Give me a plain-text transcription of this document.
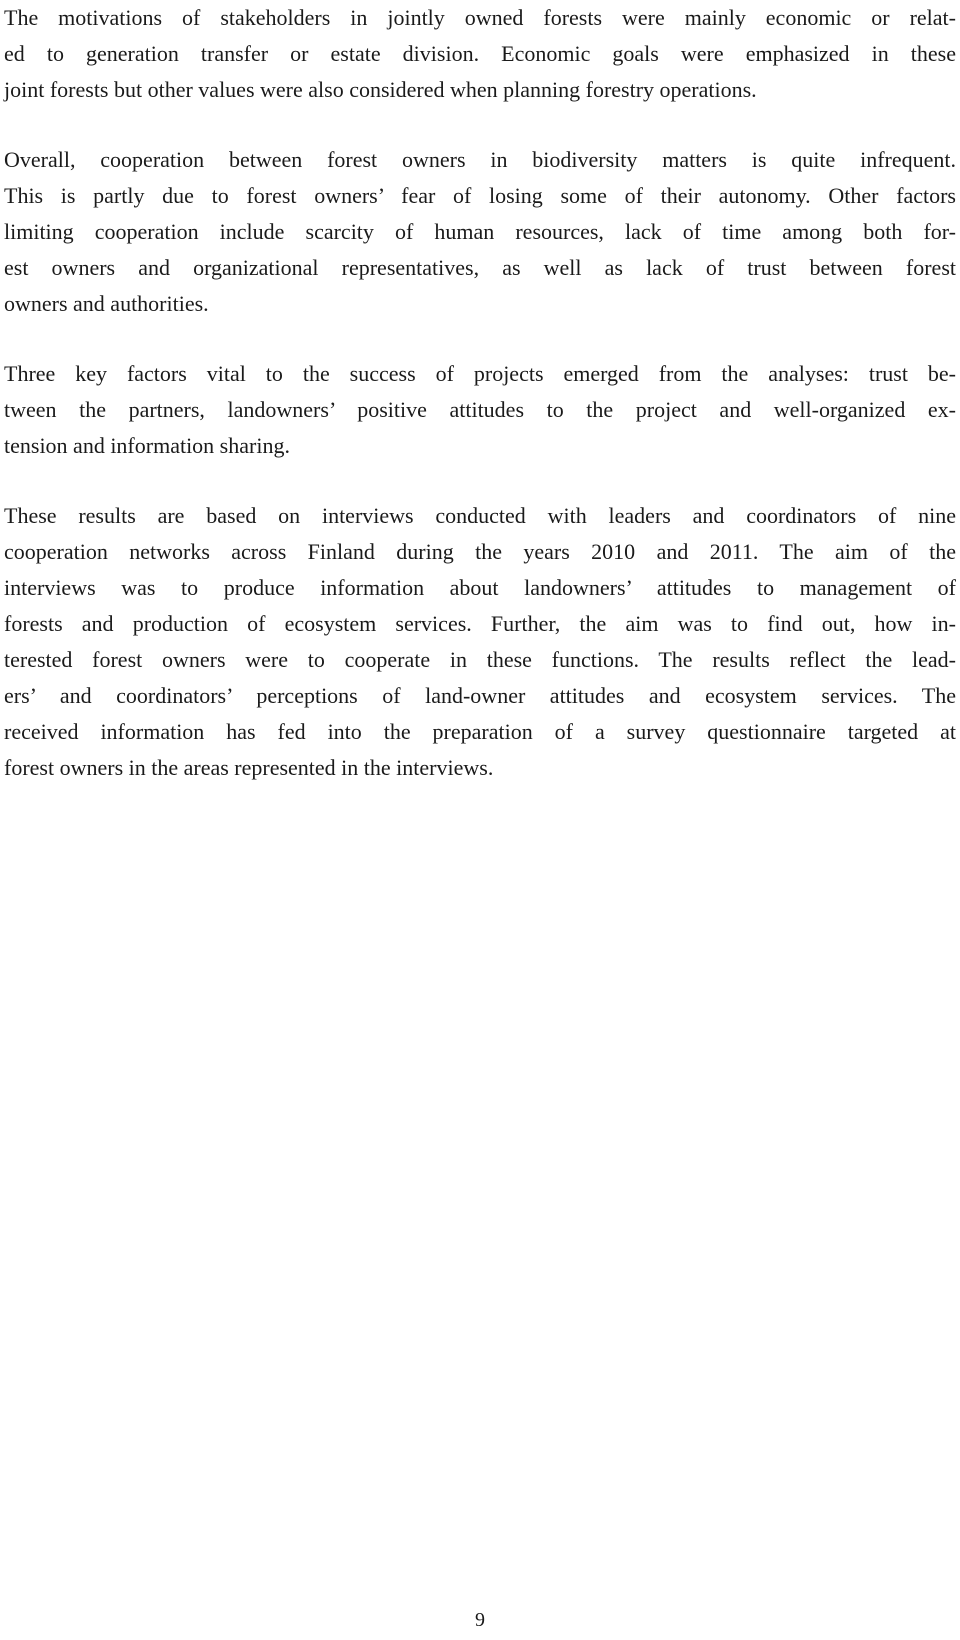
The motivations of stakeholders in jointly owned forests were mainly economic or relat-
ed to generation transfer or estate division. Economic goals were emphasized in these
joint forests but other values were also considered when planning forestry operations.

Overall, cooperation between forest owners in biodiversity matters is quite infrequent.
This is partly due to forest owners’ fear of losing some of their autonomy. Other factors
limiting cooperation include scarcity of human resources, lack of time among both for-
est owners and organizational representatives, as well as lack of trust between forest
owners and authorities.

Three key factors vital to the success of projects emerged from the analyses: trust be-
tween the partners, landowners’ positive attitudes to the project and well-organized ex-
tension and information sharing.

These results are based on interviews conducted with leaders and coordinators of nine
cooperation networks across Finland during the years 2010 and 2011. The aim of the
interviews was to produce information about landowners’ attitudes to management of
forests and production of ecosystem services. Further, the aim was to find out, how in-
terested forest owners were to cooperate in these functions. The results reflect the lead-
ers’ and coordinators’ perceptions of land-owner attitudes and ecosystem services. The
received information has fed into the preparation of a survey questionnaire targeted at
forest owners in the areas represented in the interviews.

9
